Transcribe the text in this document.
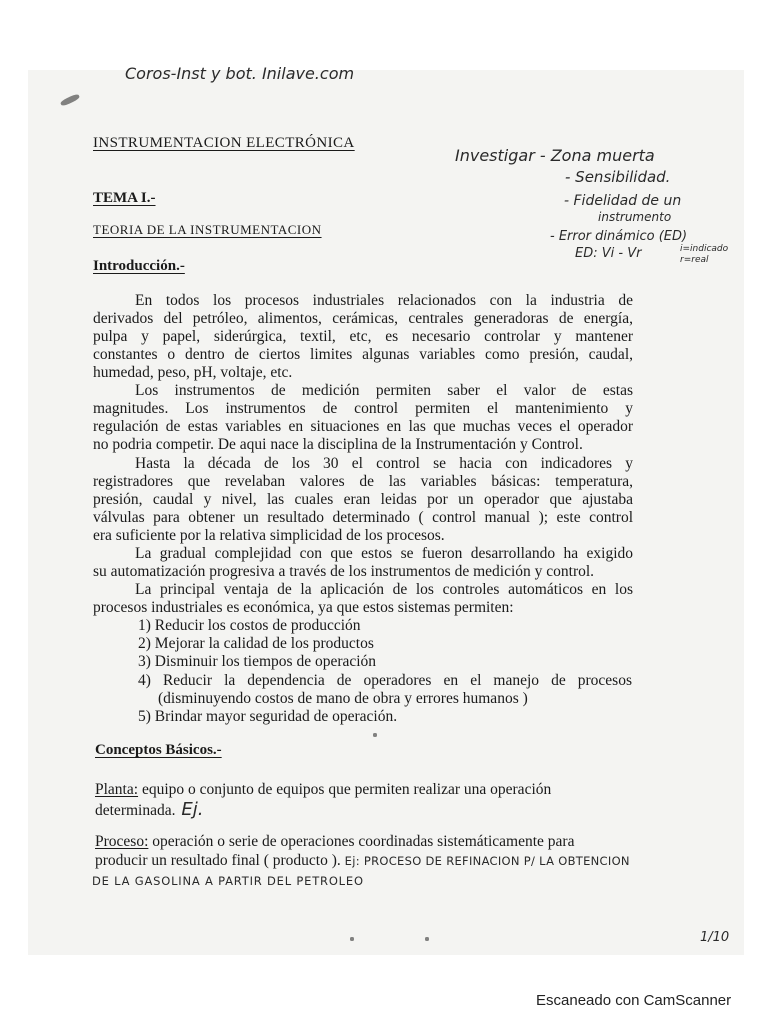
Coros-Inst y bot. Inilave.com
INSTRUMENTACION ELECTRÓNICA
Investigar - Zona muerta
- Sensibilidad.
- Fidelidad de un
instrumento
- Error dinámico (ED)
ED: Vi - Vr	i=indicado
r=real
TEMA I.-
TEORIA DE LA INSTRUMENTACION
Introducción.-
En todos los procesos industriales relacionados con la industria de
derivados del petróleo, alimentos, cerámicas, centrales generadoras de energía,
pulpa y papel, siderúrgica, textil, etc, es necesario controlar y mantener
constantes o dentro de ciertos limites algunas variables como presión, caudal,
humedad, peso, pH, voltaje, etc.
Los instrumentos de medición permiten saber el valor de estas
magnitudes. Los instrumentos de control permiten el mantenimiento y
regulación de estas variables en situaciones en las que muchas veces el operador
no podria competir. De aqui nace la disciplina de la Instrumentación y Control.
Hasta la década de los 30 el control se hacia con indicadores y
registradores que revelaban valores de las variables básicas: temperatura,
presión, caudal y nivel, las cuales eran leidas por un operador que ajustaba
válvulas para obtener un resultado determinado ( control manual ); este control
era suficiente por la relativa simplicidad de los procesos.
La gradual complejidad con que estos se fueron desarrollando ha exigido
su automatización progresiva a través de los instrumentos de medición y control.
La principal ventaja de la aplicación de los controles automáticos en los
procesos industriales es económica, ya que estos sistemas permiten:
1) Reducir los costos de producción
2) Mejorar la calidad de los productos
3) Disminuir los tiempos de operación
4) Reducir la dependencia de operadores en el manejo de procesos
(disminuyendo costos de mano de obra y errores humanos )
5) Brindar mayor seguridad de operación.
Conceptos Básicos.-
Planta: equipo o conjunto de equipos que permiten realizar una operación
determinada. Ej.
Proceso: operación o serie de operaciones coordinadas sistemáticamente para
producir un resultado final ( producto ). Ej: PROCESO DE REFINACION P/ LA OBTENCION
DE LA GASOLINA A PARTIR DEL PETROLEO
1/10
Escaneado con CamScanner
